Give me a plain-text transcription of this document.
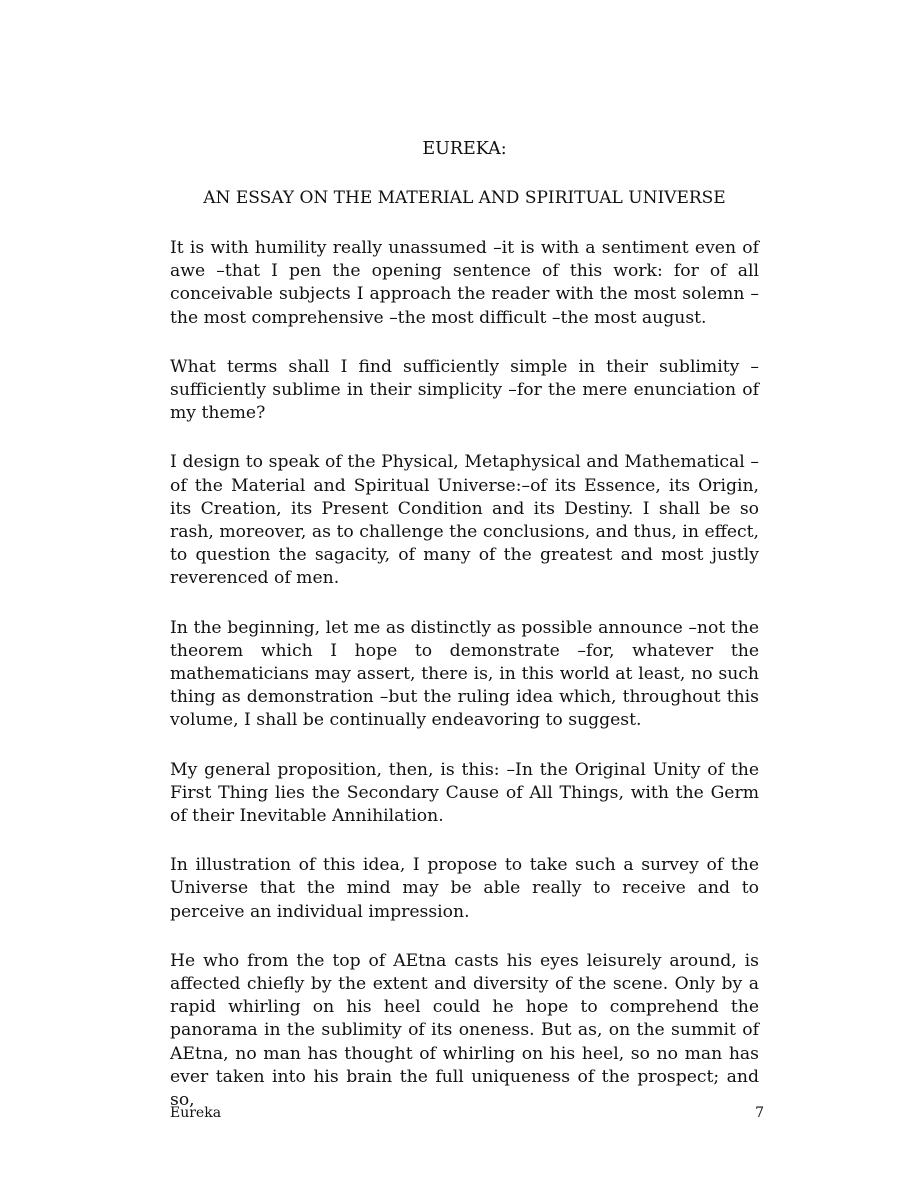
EUREKA:
AN ESSAY ON THE MATERIAL AND SPIRITUAL UNIVERSE

It is with humility really unassumed –it is with a sentiment even of awe –that I pen the opening sentence of this work: for of all conceivable subjects I approach the reader with the most solemn –the most comprehensive –the most difficult –the most august.

What terms shall I find sufficiently simple in their sublimity –sufficiently sublime in their simplicity –for the mere enunciation of my theme?

I design to speak of the Physical, Metaphysical and Mathematical –of the Material and Spiritual Universe:–of its Essence, its Origin, its Creation, its Present Condition and its Destiny. I shall be so rash, moreover, as to challenge the conclusions, and thus, in effect, to question the sagacity, of many of the greatest and most justly reverenced of men.

In the beginning, let me as distinctly as possible announce –not the theorem which I hope to demonstrate –for, whatever the mathematicians may assert, there is, in this world at least, no such thing as demonstration –but the ruling idea which, throughout this volume, I shall be continually endeavoring to suggest.

My general proposition, then, is this: –In the Original Unity of the First Thing lies the Secondary Cause of All Things, with the Germ of their Inevitable Annihilation.

In illustration of this idea, I propose to take such a survey of the Universe that the mind may be able really to receive and to perceive an individual impression.

He who from the top of AEtna casts his eyes leisurely around, is affected chiefly by the extent and diversity of the scene. Only by a rapid whirling on his heel could he hope to comprehend the panorama in the sublimity of its oneness. But as, on the summit of AEtna, no man has thought of whirling on his heel, so no man has ever taken into his brain the full uniqueness of the prospect; and so,

Eureka	7
